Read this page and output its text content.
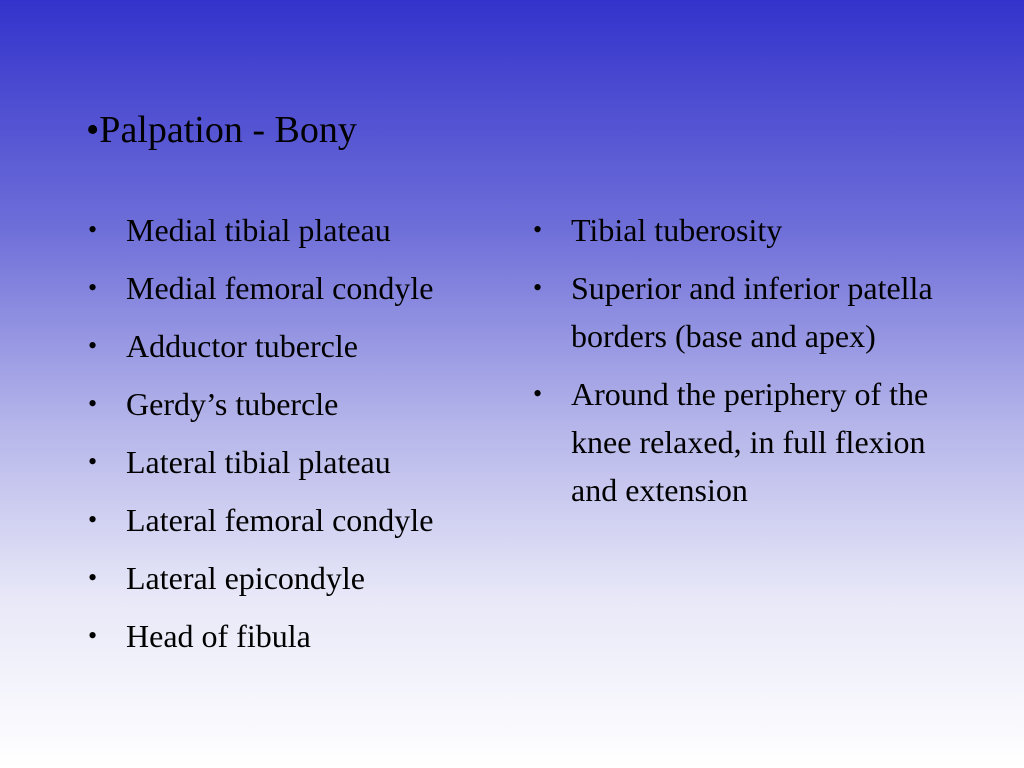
•Palpation - Bony
• Medial tibial plateau
• Medial femoral condyle
• Adductor tubercle
• Gerdy’s tubercle
• Lateral tibial plateau
• Lateral femoral condyle
• Lateral epicondyle
• Head of fibula
• Tibial tuberosity
• Superior and inferior patella borders (base and apex)
• Around the periphery of the knee relaxed, in full flexion and extension
